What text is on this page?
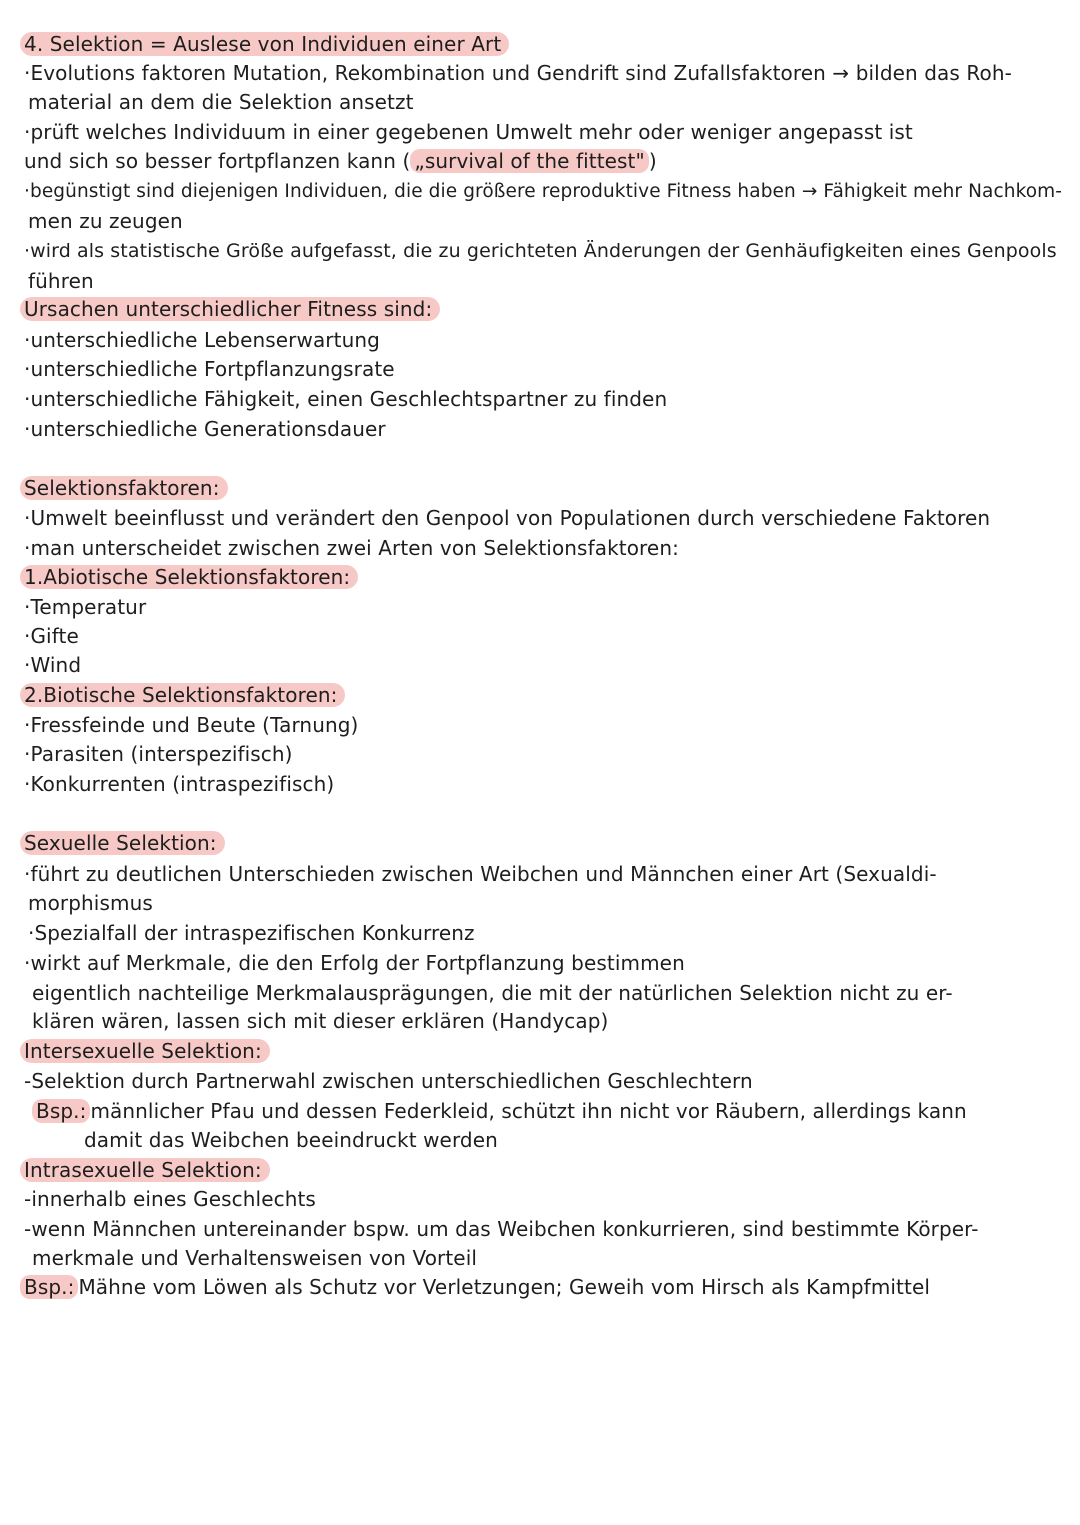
4. Selektion = Auslese von Individuen einer Art
·Evolutions faktoren Mutation, Rekombination und Gendrift sind Zufallsfaktoren → bilden das Roh-
material an dem die Selektion ansetzt
·prüft welches Individuum in einer gegebenen Umwelt mehr oder weniger angepasst ist
und sich so besser fortpflanzen kann ( „survival of the fittest" )
·begünstigt sind diejenigen Individuen, die die größere reproduktive Fitness haben → Fähigkeit mehr Nachkom-
men zu zeugen
·wird als statistische Größe aufgefasst, die zu gerichteten Änderungen der Genhäufigkeiten eines Genpools
führen
Ursachen unterschiedlicher Fitness sind:
·unterschiedliche Lebenserwartung
·unterschiedliche Fortpflanzungsrate
·unterschiedliche Fähigkeit, einen Geschlechtspartner zu finden
·unterschiedliche Generationsdauer
Selektionsfaktoren:
·Umwelt beeinflusst und verändert den Genpool von Populationen durch verschiedene Faktoren
·man unterscheidet zwischen zwei Arten von Selektionsfaktoren:
1.Abiotische Selektionsfaktoren:
·Temperatur
·Gifte
·Wind
2.Biotische Selektionsfaktoren:
·Fressfeinde und Beute (Tarnung)
·Parasiten (interspezifisch)
·Konkurrenten (intraspezifisch)
Sexuelle Selektion:
·führt zu deutlichen Unterschieden zwischen Weibchen und Männchen einer Art (Sexualdi-
morphismus
·Spezialfall der intraspezifischen Konkurrenz
·wirkt auf Merkmale, die den Erfolg der Fortpflanzung bestimmen
eigentlich nachteilige Merkmalausprägungen, die mit der natürlichen Selektion nicht zu er-
klären wären, lassen sich mit dieser erklären (Handycap)
Intersexuelle Selektion:
-Selektion durch Partnerwahl zwischen unterschiedlichen Geschlechtern
Bsp.: männlicher Pfau und dessen Federkleid, schützt ihn nicht vor Räubern, allerdings kann
damit das Weibchen beeindruckt werden
Intrasexuelle Selektion:
-innerhalb eines Geschlechts
-wenn Männchen untereinander bspw. um das Weibchen konkurrieren, sind bestimmte Körper-
merkmale und Verhaltensweisen von Vorteil
Bsp.: Mähne vom Löwen als Schutz vor Verletzungen; Geweih vom Hirsch als Kampfmittel
